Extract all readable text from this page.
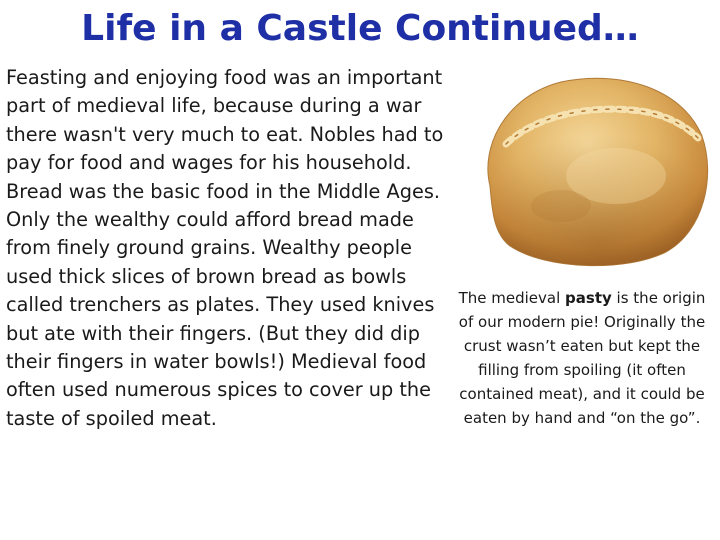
Life in a Castle Continued…

Feasting and enjoying food was an important part of medieval life, because during a war there wasn't very much to eat. Nobles had to pay for food and wages for his household. Bread was the basic food in the Middle Ages. Only the wealthy could afford bread made from finely ground grains. Wealthy people used thick slices of brown bread as bowls called trenchers as plates. They used knives but ate with their fingers. (But they did dip their fingers in water bowls!) Medieval food often used numerous spices to cover up the taste of spoiled meat.

The medieval pasty is the origin of our modern pie! Originally the crust wasn’t eaten but kept the filling from spoiling (it often contained meat), and it could be eaten by hand and “on the go”.
